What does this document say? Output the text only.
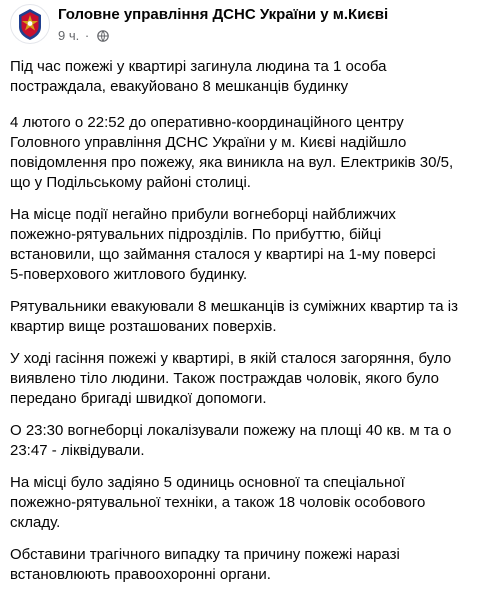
Головне управління ДСНС України у м.Києві
9 ч. ·

Під час пожежі у квартирі загинула людина та 1 особа
постраждала, евакуйовано 8 мешканців будинку

4 лютого о 22:52 до оперативно-координаційного центру
Головного управління ДСНС України у м. Києві надійшло
повідомлення про пожежу, яка виникла на вул. Електриків 30/5,
що у Подільському районі столиці.

На місце події негайно прибули вогнеборці найближчих
пожежно-рятувальних підрозділів. По прибуттю, бійці
встановили, що займання сталося у квартирі на 1-му поверсі
5-поверхового житлового будинку.

Рятувальники евакуювали 8 мешканців із суміжних квартир та із
квартир вище розташованих поверхів.

У ході гасіння пожежі у квартирі, в якій сталося загоряння, було
виявлено тіло людини. Також постраждав чоловік, якого було
передано бригаді швидкої допомоги.

О 23:30 вогнеборці локалізували пожежу на площі 40 кв. м та о
23:47 - ліквідували.

На місці було задіяно 5 одиниць основної та спеціальної
пожежно-рятувальної техніки, а також 18 чоловік особового
складу.

Обставини трагічного випадку та причину пожежі наразі
встановлюють правоохоронні органи.
